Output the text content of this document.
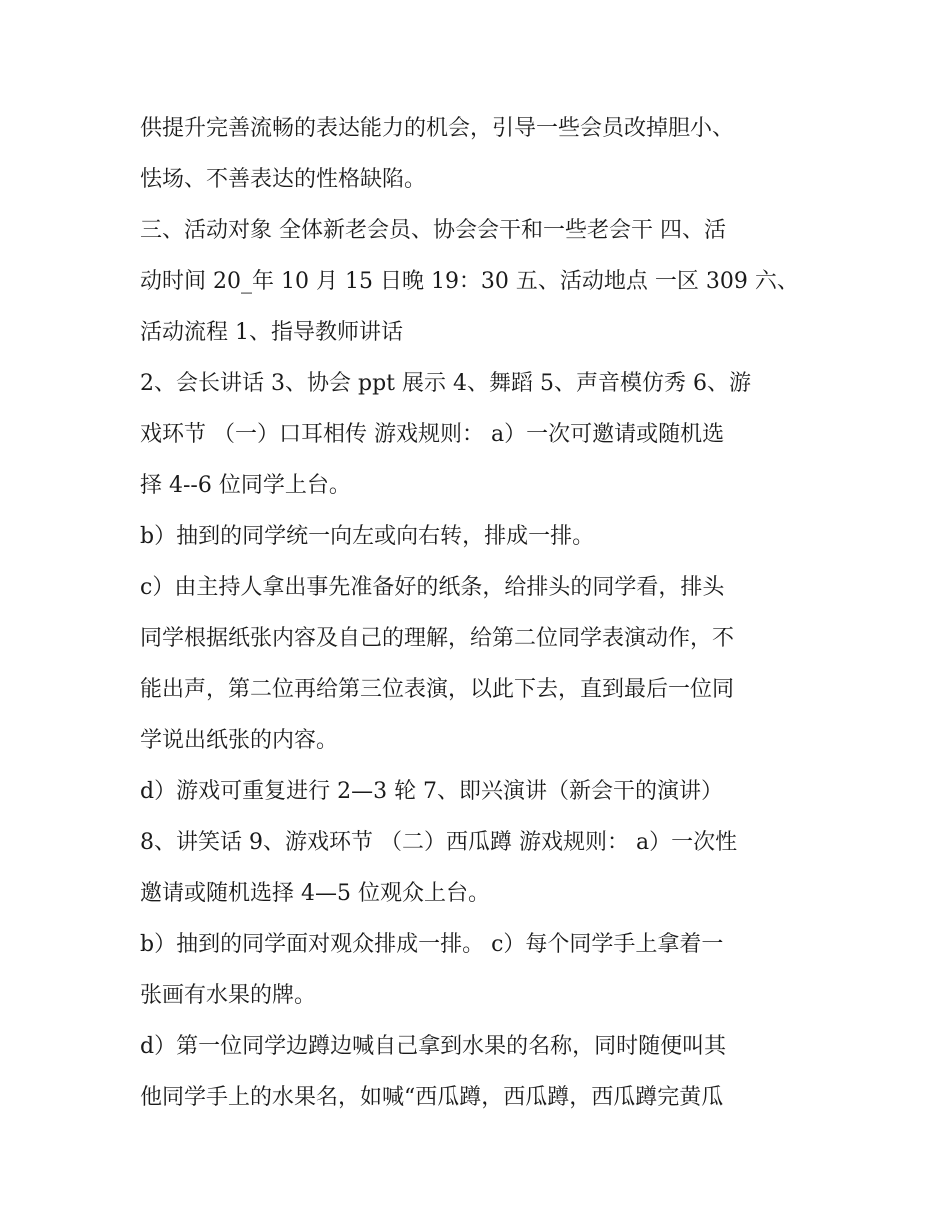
供提升完善流畅的表达能力的机会，引导一些会员改掉胆小、
怯场、不善表达的性格缺陷。

三、活动对象 全体新老会员、协会会干和一些老会干 四、活
动时间 20_年 10 月 15 日晚 19：30 五、活动地点 一区 309 六、
活动流程 1、指导教师讲话

2、会长讲话 3、协会 ppt 展示 4、舞蹈 5、声音模仿秀 6、游
戏环节 （一）口耳相传 游戏规则： a）一次可邀请或随机选
择 4--6 位同学上台。

b）抽到的同学统一向左或向右转，排成一排。

c）由主持人拿出事先准备好的纸条，给排头的同学看，排头
同学根据纸张内容及自己的理解，给第二位同学表演动作，不
能出声，第二位再给第三位表演，以此下去，直到最后一位同
学说出纸张的内容。

d）游戏可重复进行 2—3 轮 7、即兴演讲（新会干的演讲）

8、讲笑话 9、游戏环节 （二）西瓜蹲 游戏规则： a）一次性
邀请或随机选择 4—5 位观众上台。

b）抽到的同学面对观众排成一排。 c）每个同学手上拿着一
张画有水果的牌。

d）第一位同学边蹲边喊自己拿到水果的名称，同时随便叫其
他同学手上的水果名，如喊“西瓜蹲，西瓜蹲，西瓜蹲完黄瓜
